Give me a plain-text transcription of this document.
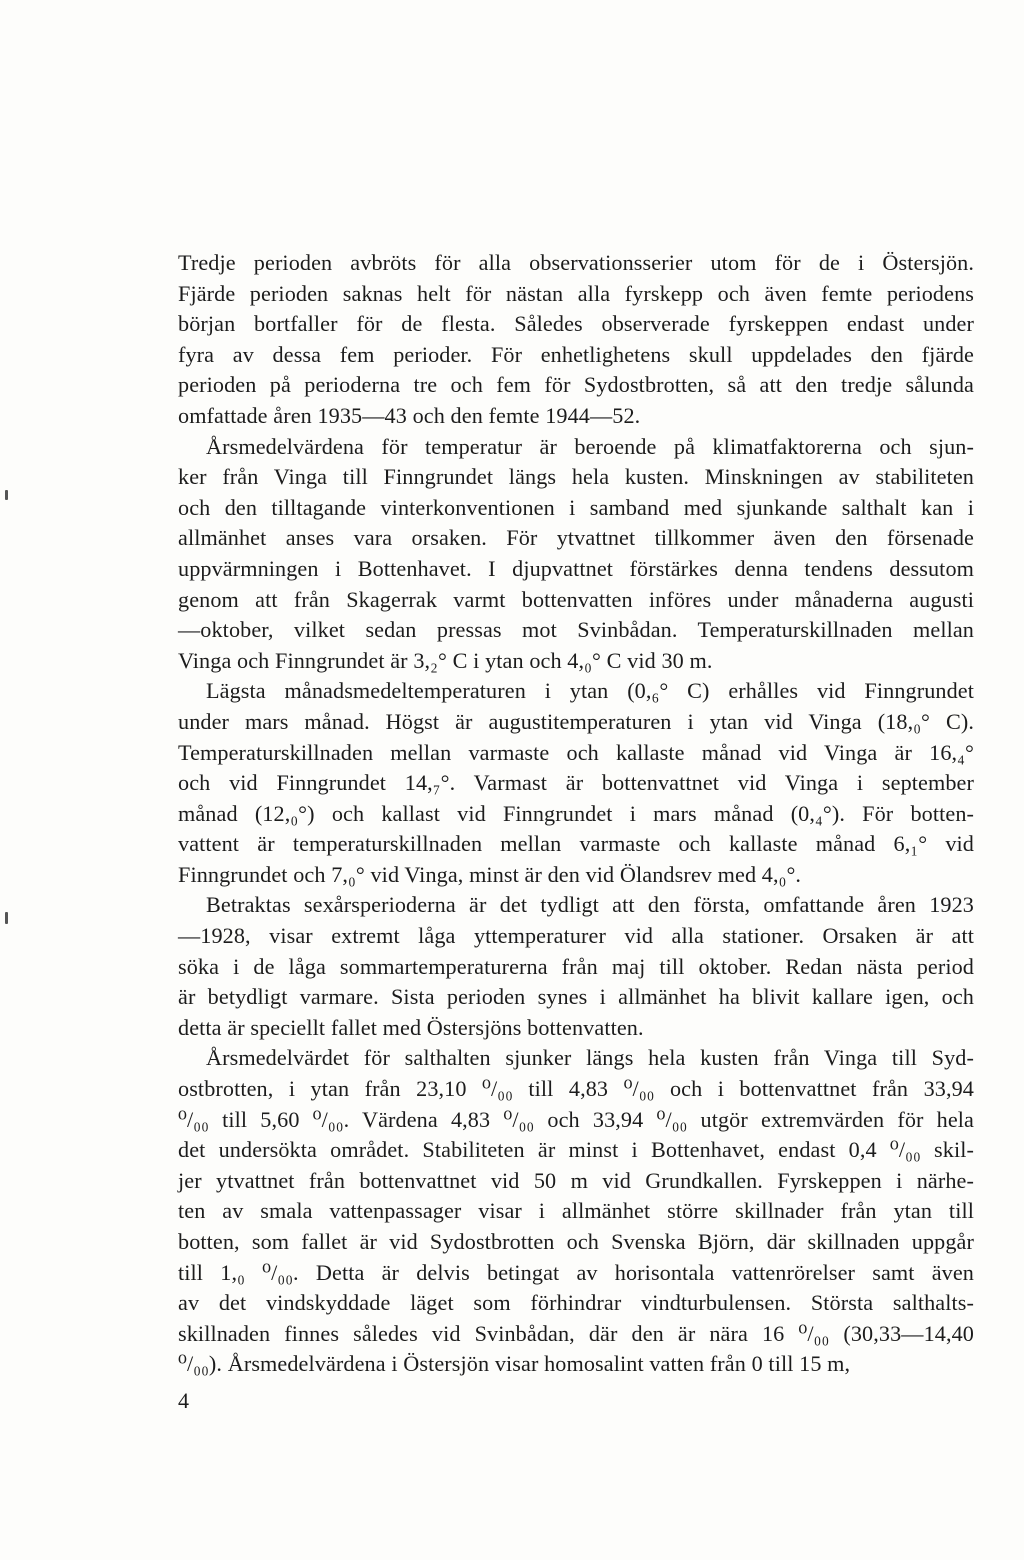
Tredje perioden avbröts för alla observationsserier utom för de i Östersjön.
Fjärde perioden saknas helt för nästan alla fyrskepp och även femte periodens
början bortfaller för de flesta. Således observerade fyrskeppen endast under
fyra av dessa fem perioder. För enhetlighetens skull uppdelades den fjärde
perioden på perioderna tre och fem för Sydostbrotten, så att den tredje sålunda
omfattade åren 1935—43 och den femte 1944—52.
Årsmedelvärdena för temperatur är beroende på klimatfaktorerna och sjun-
ker från Vinga till Finngrundet längs hela kusten. Minskningen av stabiliteten
och den tilltagande vinterkonventionen i samband med sjunkande salthalt kan i
allmänhet anses vara orsaken. För ytvattnet tillkommer även den försenade
uppvärmningen i Bottenhavet. I djupvattnet förstärkes denna tendens dessutom
genom att från Skagerrak varmt bottenvatten införes under månaderna augusti
—oktober, vilket sedan pressas mot Svinbådan. Temperaturskillnaden mellan
Vinga och Finngrundet är 3,₂° C i ytan och 4,₀° C vid 30 m.
Lägsta månadsmedeltemperaturen i ytan (0,₆° C) erhålles vid Finngrundet
under mars månad. Högst är augustitemperaturen i ytan vid Vinga (18,₀° C).
Temperaturskillnaden mellan varmaste och kallaste månad vid Vinga är 16,₄°
och vid Finngrundet 14,₇°. Varmast är bottenvattnet vid Vinga i september
månad (12,₀°) och kallast vid Finngrundet i mars månad (0,₄°). För botten-
vattent är temperaturskillnaden mellan varmaste och kallaste månad 6,₁° vid
Finngrundet och 7,₀° vid Vinga, minst är den vid Ölandsrev med 4,₀°.
Betraktas sexårsperioderna är det tydligt att den första, omfattande åren 1923
—1928, visar extremt låga yttemperaturer vid alla stationer. Orsaken är att
söka i de låga sommartemperaturerna från maj till oktober. Redan nästa period
är betydligt varmare. Sista perioden synes i allmänhet ha blivit kallare igen, och
detta är speciellt fallet med Östersjöns bottenvatten.
Årsmedelvärdet för salthalten sjunker längs hela kusten från Vinga till Syd-
ostbrotten, i ytan från 23,10 ⁰/₀₀ till 4,83 ⁰/₀₀ och i bottenvattnet från 33,94
⁰/₀₀ till 5,60 ⁰/₀₀. Värdena 4,83 ⁰/₀₀ och 33,94 ⁰/₀₀ utgör extremvärden för hela
det undersökta området. Stabiliteten är minst i Bottenhavet, endast 0,4 ⁰/₀₀ skil-
jer ytvattnet från bottenvattnet vid 50 m vid Grundkallen. Fyrskeppen i närhe-
ten av smala vattenpassager visar i allmänhet större skillnader från ytan till
botten, som fallet är vid Sydostbrotten och Svenska Björn, där skillnaden uppgår
till 1,₀ ⁰/₀₀. Detta är delvis betingat av horisontala vattenrörelser samt även
av det vindskyddade läget som förhindrar vindturbulensen. Största salthalts-
skillnaden finnes således vid Svinbådan, där den är nära 16 ⁰/₀₀ (30,33—14,40
⁰/₀₀). Årsmedelvärdena i Östersjön visar homosalint vatten från 0 till 15 m,
4
